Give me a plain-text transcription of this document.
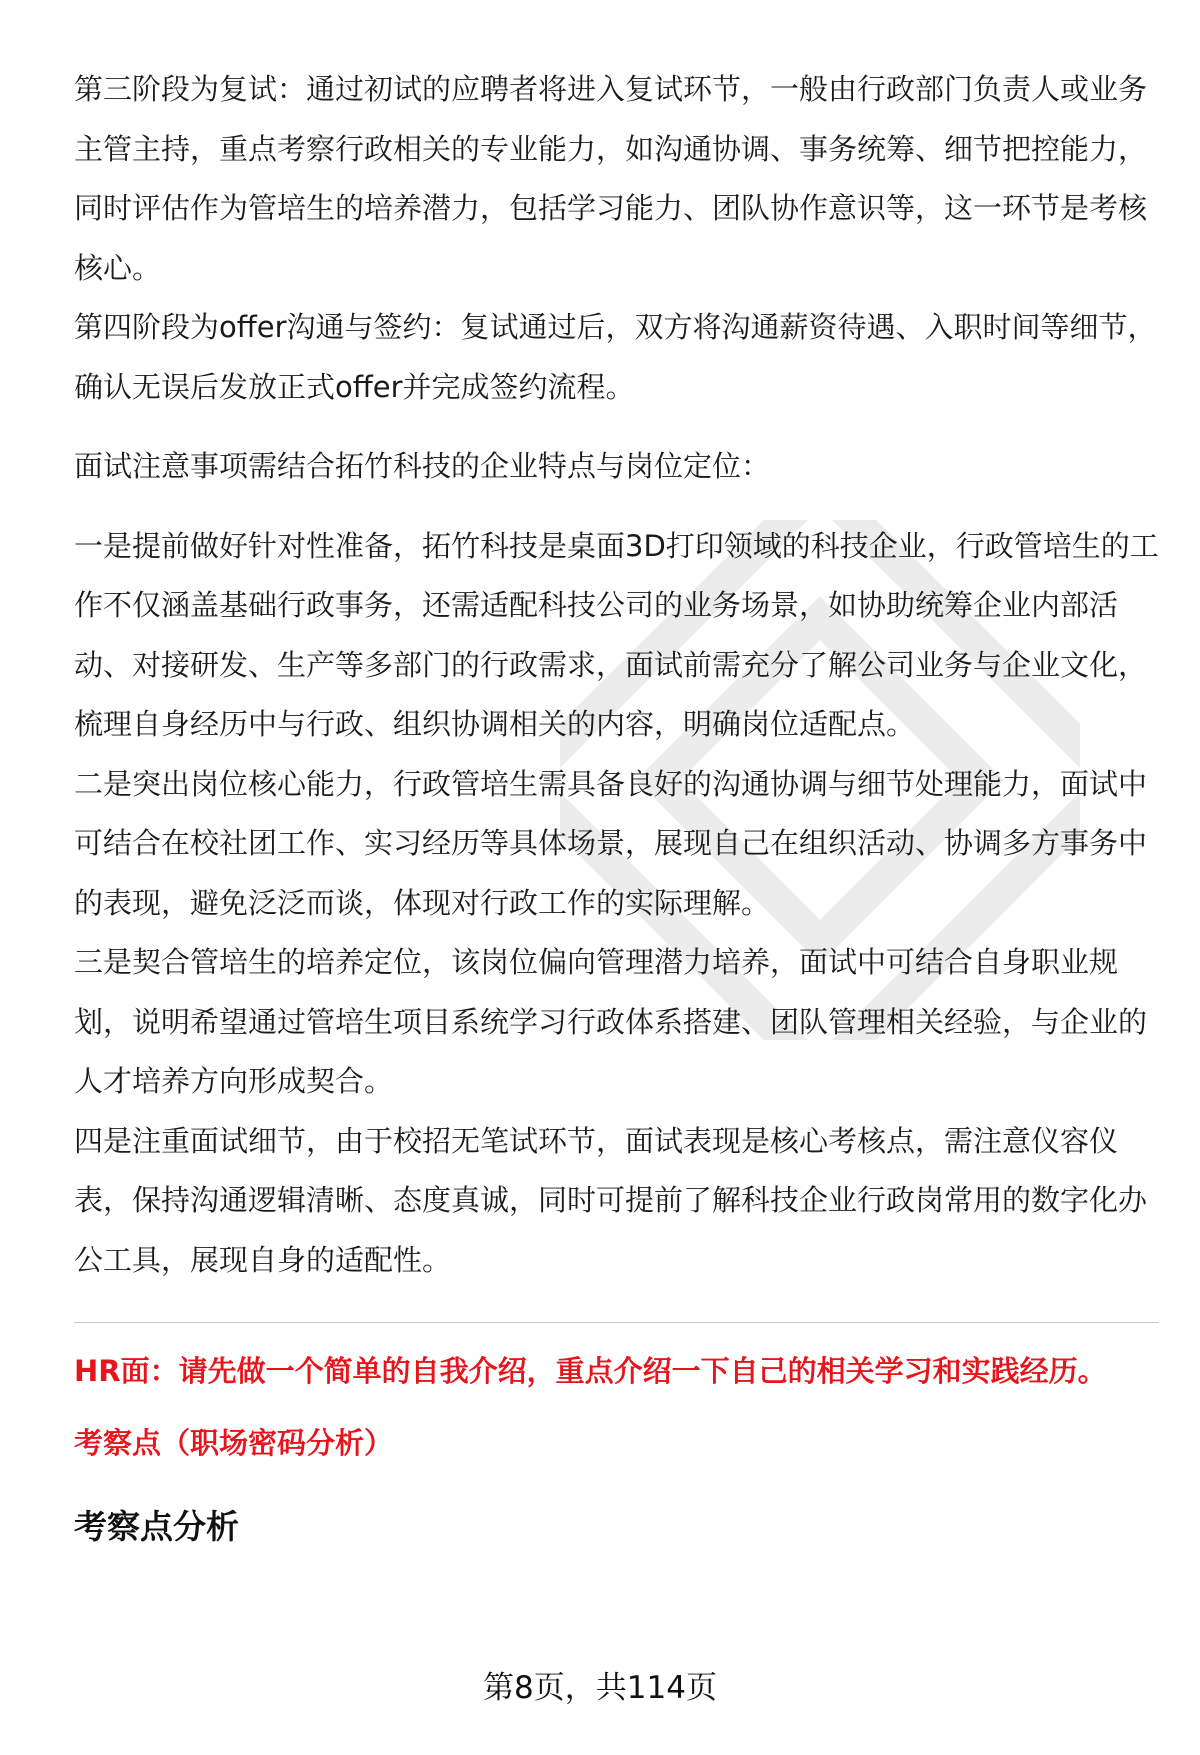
第三阶段为复试：通过初试的应聘者将进入复试环节，一般由行政部门负责人或业务主管主持，重点考察行政相关的专业能力，如沟通协调、事务统筹、细节把控能力，同时评估作为管培生的培养潜力，包括学习能力、团队协作意识等，这一环节是考核核心。

第四阶段为offer沟通与签约：复试通过后，双方将沟通薪资待遇、入职时间等细节，确认无误后发放正式offer并完成签约流程。

面试注意事项需结合拓竹科技的企业特点与岗位定位：

一是提前做好针对性准备，拓竹科技是桌面3D打印领域的科技企业，行政管培生的工作不仅涵盖基础行政事务，还需适配科技公司的业务场景，如协助统筹企业内部活动、对接研发、生产等多部门的行政需求，面试前需充分了解公司业务与企业文化，梳理自身经历中与行政、组织协调相关的内容，明确岗位适配点。

二是突出岗位核心能力，行政管培生需具备良好的沟通协调与细节处理能力，面试中可结合在校社团工作、实习经历等具体场景，展现自己在组织活动、协调多方事务中的表现，避免泛泛而谈，体现对行政工作的实际理解。

三是契合管培生的培养定位，该岗位偏向管理潜力培养，面试中可结合自身职业规划，说明希望通过管培生项目系统学习行政体系搭建、团队管理相关经验，与企业的人才培养方向形成契合。

四是注重面试细节，由于校招无笔试环节，面试表现是核心考核点，需注意仪容仪表，保持沟通逻辑清晰、态度真诚，同时可提前了解科技企业行政岗常用的数字化办公工具，展现自身的适配性。

HR面：请先做一个简单的自我介绍，重点介绍一下自己的相关学习和实践经历。

考察点（职场密码分析）

考察点分析
第8页，共114页
